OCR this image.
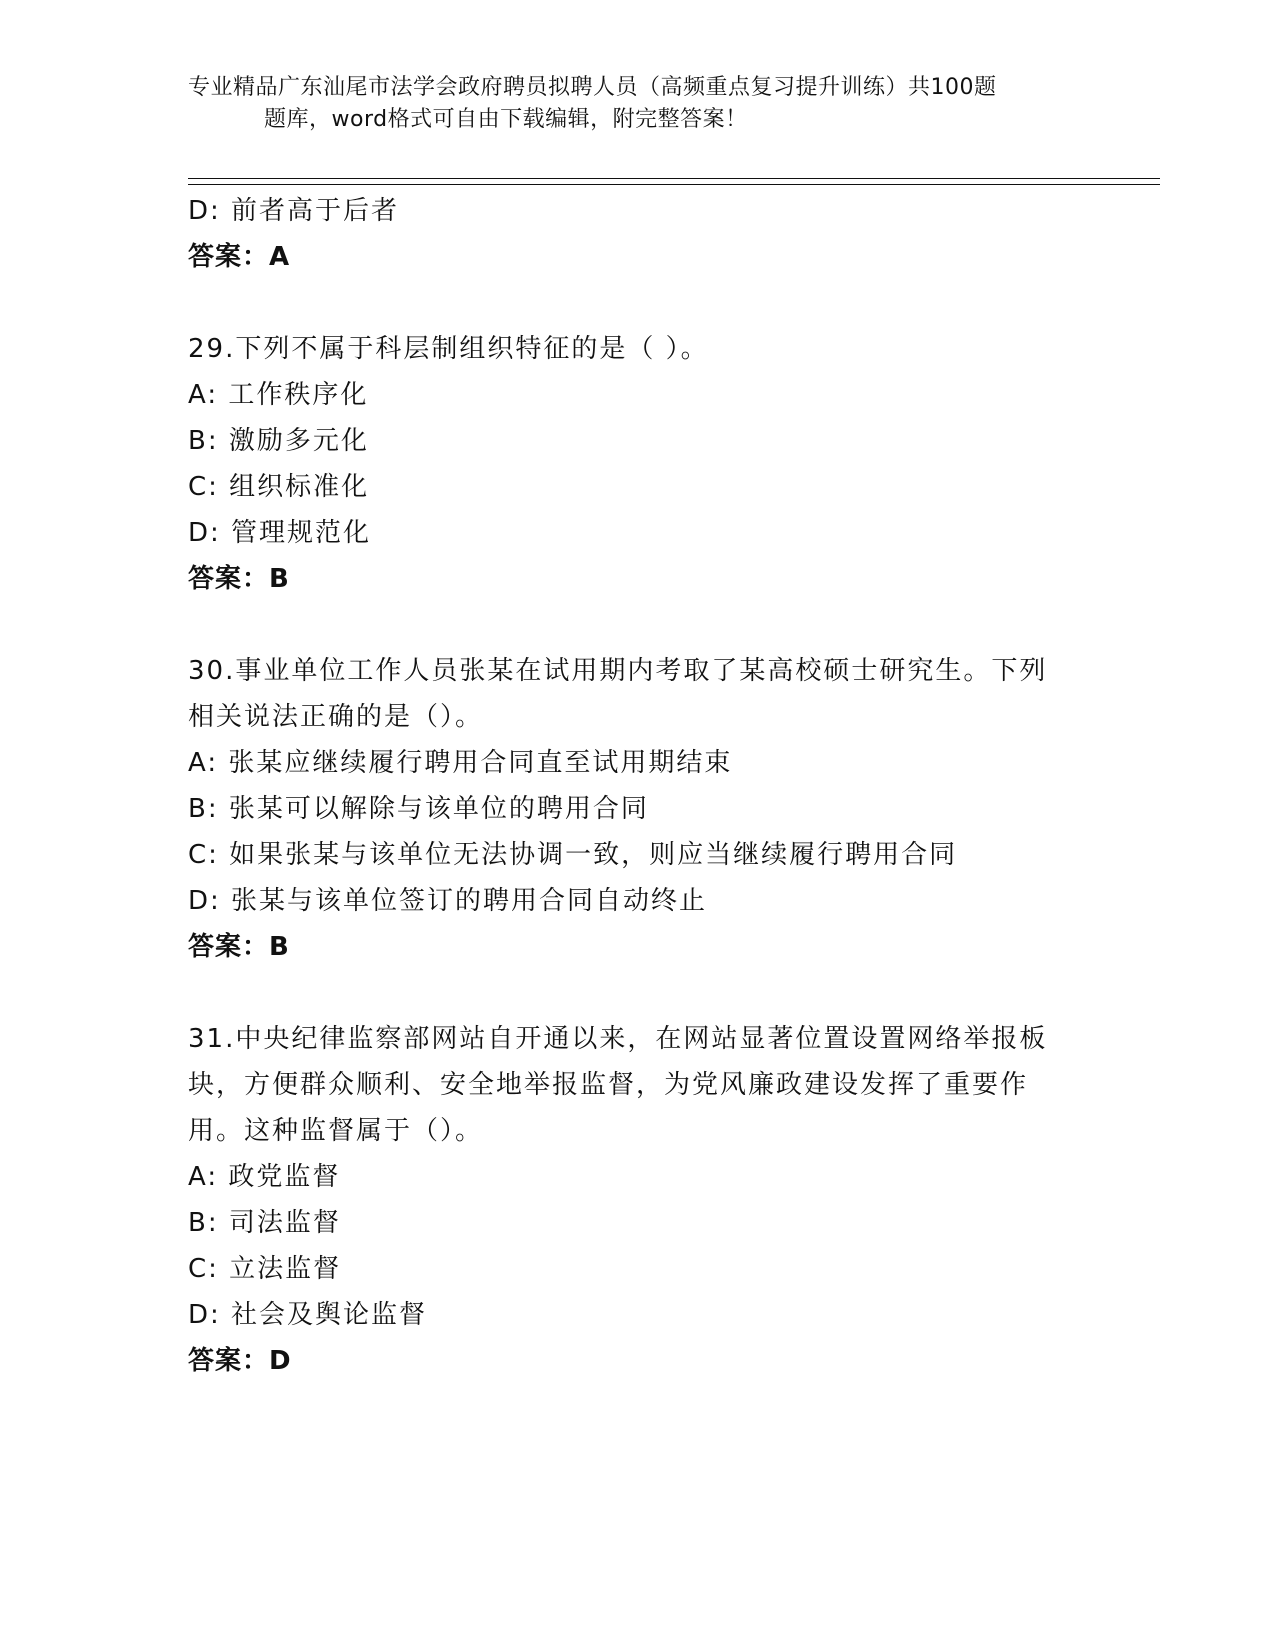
专业精品广东汕尾市法学会政府聘员拟聘人员（高频重点复习提升训练）共100题
题库，word格式可自由下载编辑，附完整答案！
D: 前者高于后者
答案：A
29.下列不属于科层制组织特征的是（ ）。
A: 工作秩序化
B: 激励多元化
C: 组织标准化
D: 管理规范化
答案：B
30.事业单位工作人员张某在试用期内考取了某高校硕士研究生。下列
相关说法正确的是（）。
A: 张某应继续履行聘用合同直至试用期结束
B: 张某可以解除与该单位的聘用合同
C: 如果张某与该单位无法协调一致，则应当继续履行聘用合同
D: 张某与该单位签订的聘用合同自动终止
答案：B
31.中央纪律监察部网站自开通以来，在网站显著位置设置网络举报板
块，方便群众顺利、安全地举报监督，为党风廉政建设发挥了重要作
用。这种监督属于（）。
A: 政党监督
B: 司法监督
C: 立法监督
D: 社会及舆论监督
答案：D
